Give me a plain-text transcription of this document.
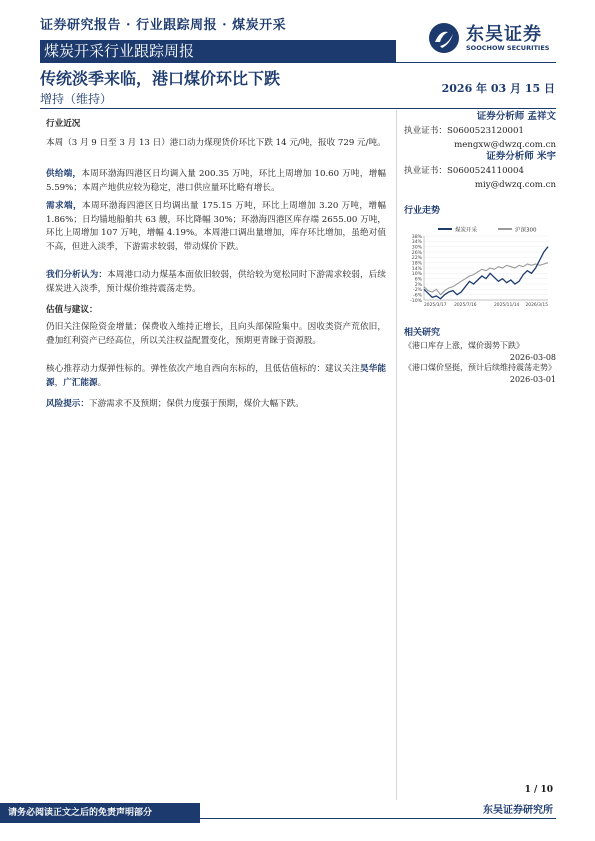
证券研究报告 · 行业跟踪周报 · 煤炭开采
煤炭开采行业跟踪周报
东吴证券
SOOCHOW SECURITIES
传统淡季来临，港口煤价环比下跌
2026 年 03 月 15 日
增持（维持）
行业近况
本周（3 月 9 日至 3 月 13 日）港口动力煤现货价环比下跌 14 元/吨，报收 729 元/吨。
供给端，本周环渤海四港区日均调入量 200.35 万吨，环比上周增加 10.60 万吨，增幅 5.59%；本周产地供应较为稳定，港口供应量环比略有增长。
需求端，本周环渤海四港区日均调出量 175.15 万吨，环比上周增加 3.20 万吨，增幅 1.86%；日均锚地船舶共 63 艘，环比降幅 30%；环渤海四港区库存端 2655.00 万吨，环比上周增加 107 万吨，增幅 4.19%。本周港口调出量增加，库存环比增加，虽绝对值不高，但进入淡季，下游需求较弱，带动煤价下跌。
我们分析认为：本周港口动力煤基本面依旧较弱，供给较为宽松同时下游需求较弱，后续煤炭进入淡季，预计煤价维持震荡走势。
估值与建议：
仍旧关注保险资金增量；保费收入维持正增长，且向头部保险集中。因收类资产荒依旧，叠加红利资产已经高位，所以关注权益配置变化，预期更青睐于资源股。
核心推荐动力煤弹性标的。弹性依次产地自西向东标的，且低估值标的：建议关注昊华能源，广汇能源。
风险提示：下游需求不及预期；保供力度强于预期，煤价大幅下跌。
证券分析师 孟祥文
执业证书：S0600523120001
mengxw@dwzq.com.cn
证券分析师 米宇
执业证书：S0600524110004
miy@dwzq.com.cn
行业走势
煤炭开采	沪深300
38%
34%
30%
26%
22%
18%
14%
10%
6%
2%
-2%
-6%
-10%
2025/3/17 2025/7/16	2025/11/14 2026/3/15
相关研究
《港口库存上涨，煤价弱势下跌》
2026-03-08
《港口煤价坚挺，预计后续维持震荡走势》
2026-03-01
1 / 10
东吴证券研究所
请务必阅读正文之后的免责声明部分
